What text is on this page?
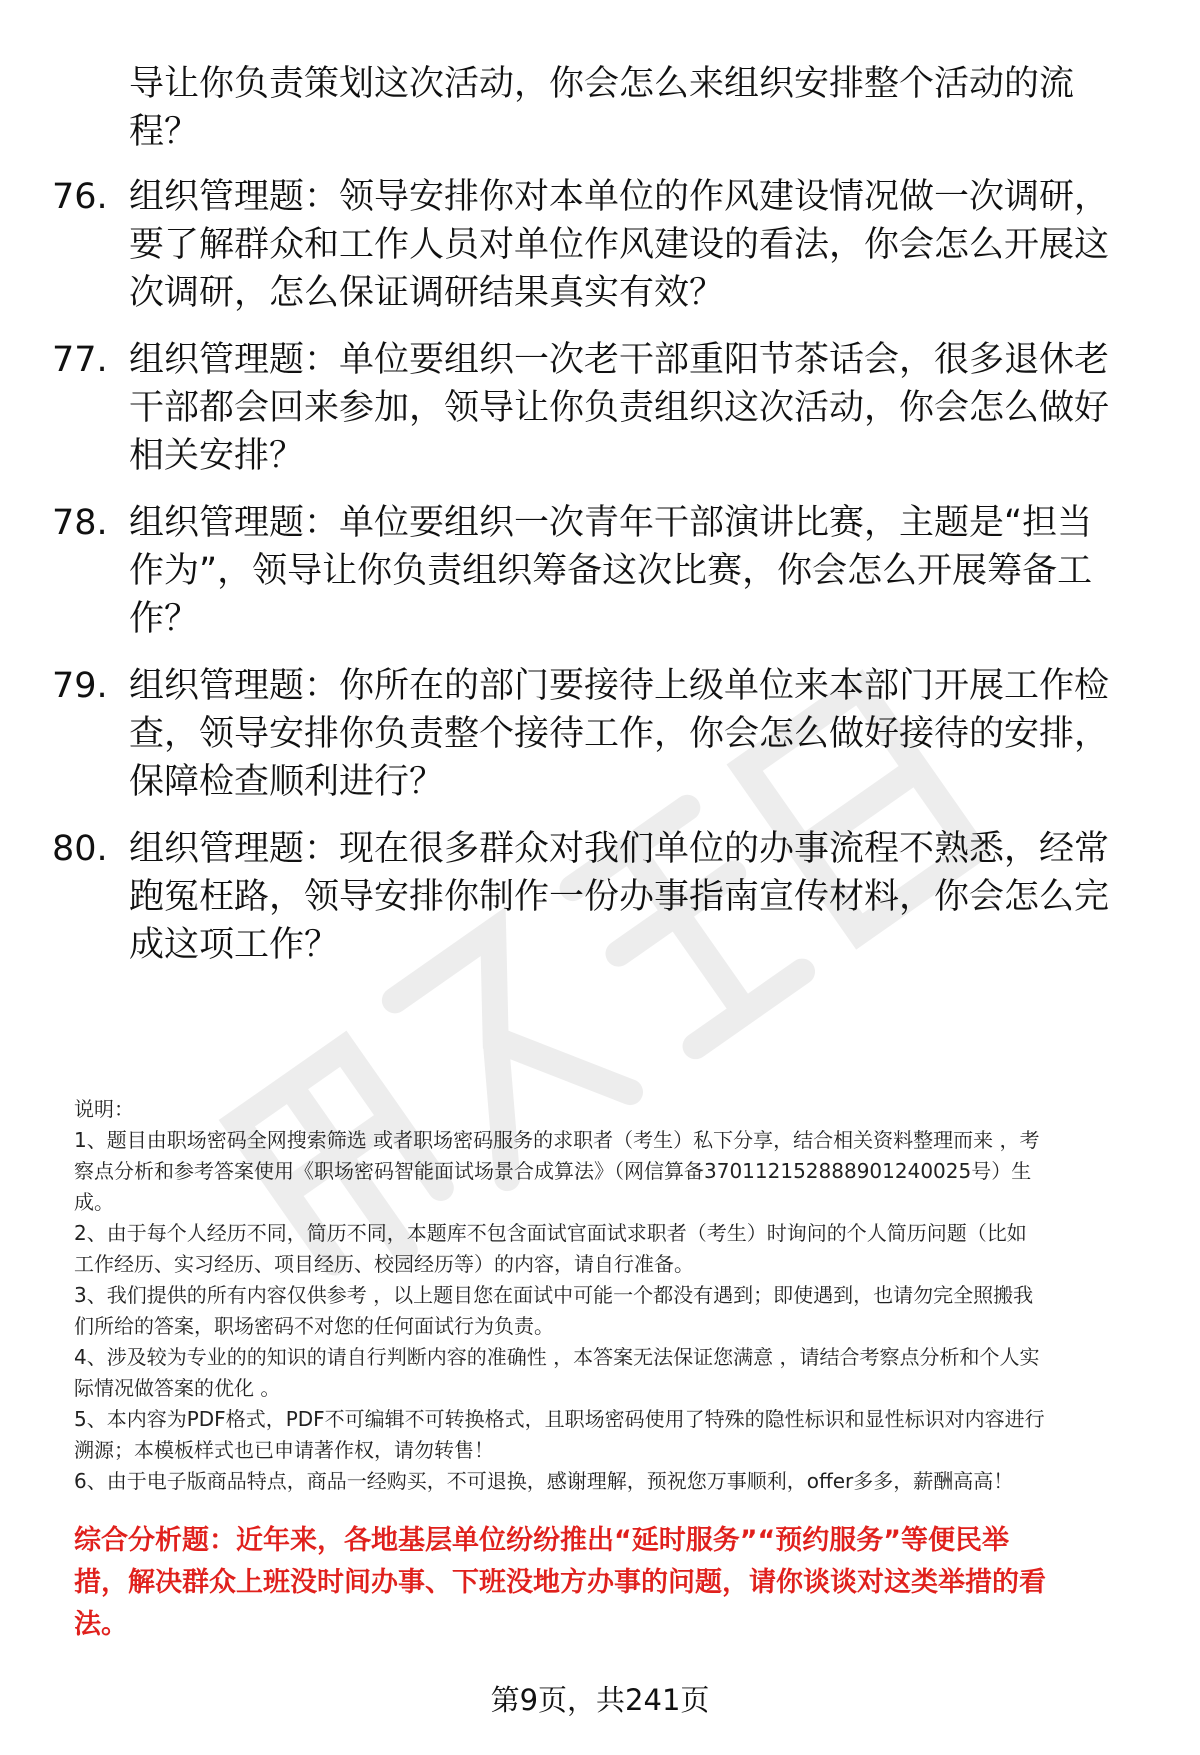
导让你负责策划这次活动，你会怎么来组织安排整个活动的流
程？
76. 组织管理题：领导安排你对本单位的作风建设情况做一次调研，
要了解群众和工作人员对单位作风建设的看法，你会怎么开展这
次调研，怎么保证调研结果真实有效？
77. 组织管理题：单位要组织一次老干部重阳节茶话会，很多退休老
干部都会回来参加，领导让你负责组织这次活动，你会怎么做好
相关安排？
78. 组织管理题：单位要组织一次青年干部演讲比赛，主题是“担当
作为”，领导让你负责组织筹备这次比赛，你会怎么开展筹备工
作？
79. 组织管理题：你所在的部门要接待上级单位来本部门开展工作检
查，领导安排你负责整个接待工作，你会怎么做好接待的安排，
保障检查顺利进行？
80. 组织管理题：现在很多群众对我们单位的办事流程不熟悉，经常
跑冤枉路，领导安排你制作一份办事指南宣传材料，你会怎么完
成这项工作？

说明：

1、题目由职场密码全网搜索筛选 或者职场密码服务的求职者（考生）私下分享，结合相关资料整理而来 ，考

察点分析和参考答案使用《职场密码智能面试场景合成算法》（网信算备370112152888901240025号）生

成。

2、由于每个人经历不同，简历不同，本题库不包含面试官面试求职者（考生）时询问的个人简历问题（比如

工作经历、实习经历、项目经历、校园经历等）的内容，请自行准备。

3、我们提供的所有内容仅供参考 ，以上题目您在面试中可能一个都没有遇到；即使遇到，也请勿完全照搬我

们所给的答案，职场密码不对您的任何面试行为负责。

4、涉及较为专业的的知识的请自行判断内容的准确性 ，本答案无法保证您满意 ，请结合考察点分析和个人实

际情况做答案的优化 。

5、本内容为PDF格式，PDF不可编辑不可转换格式，且职场密码使用了特殊的隐性标识和显性标识对内容进行

溯源；本模板样式也已申请著作权，请勿转售！

6、由于电子版商品特点，商品一经购买，不可退换，感谢理解，预祝您万事顺利，offer多多，薪酬高高！

综合分析题：近年来，各地基层单位纷纷推出“延时服务”“预约服务”等便民举
措，解决群众上班没时间办事、下班没地方办事的问题，请你谈谈对这类举措的看
法。
第9页，共241页
